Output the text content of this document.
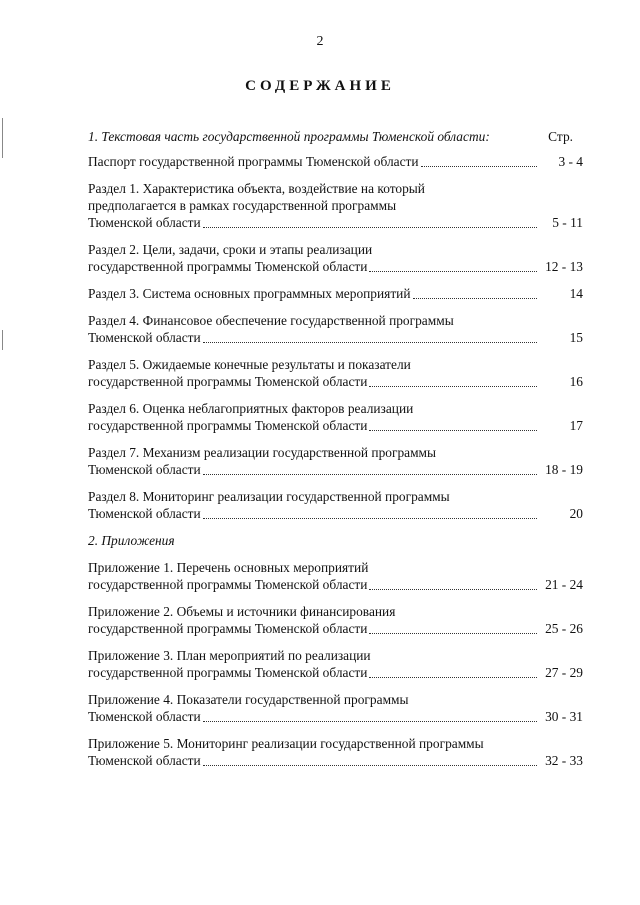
2
СОДЕРЖАНИЕ
1. Текстовая часть государственной программы Тюменской области:	Стр.
Паспорт государственной программы Тюменской области	3 - 4
Раздел 1. Характеристика объекта, воздействие на который
предполагается в рамках государственной программы
Тюменской области	5 - 11
Раздел 2. Цели, задачи, сроки и этапы реализации
государственной программы Тюменской области	12 - 13
Раздел 3. Система основных программных мероприятий	14
Раздел 4. Финансовое обеспечение государственной программы
Тюменской области	15
Раздел 5. Ожидаемые конечные результаты и показатели
государственной программы Тюменской области	16
Раздел 6. Оценка неблагоприятных факторов реализации
государственной программы Тюменской области	17
Раздел 7. Механизм реализации государственной программы
Тюменской области	18 - 19
Раздел 8. Мониторинг реализации государственной программы
Тюменской области	20
2. Приложения
Приложение 1. Перечень основных мероприятий
государственной программы Тюменской области	21 - 24
Приложение 2. Объемы и источники финансирования
государственной программы Тюменской области	25 - 26
Приложение 3. План мероприятий по реализации
государственной программы Тюменской области	27 - 29
Приложение 4. Показатели государственной программы
Тюменской области	30 - 31
Приложение 5. Мониторинг реализации государственной программы
Тюменской области	32 - 33
